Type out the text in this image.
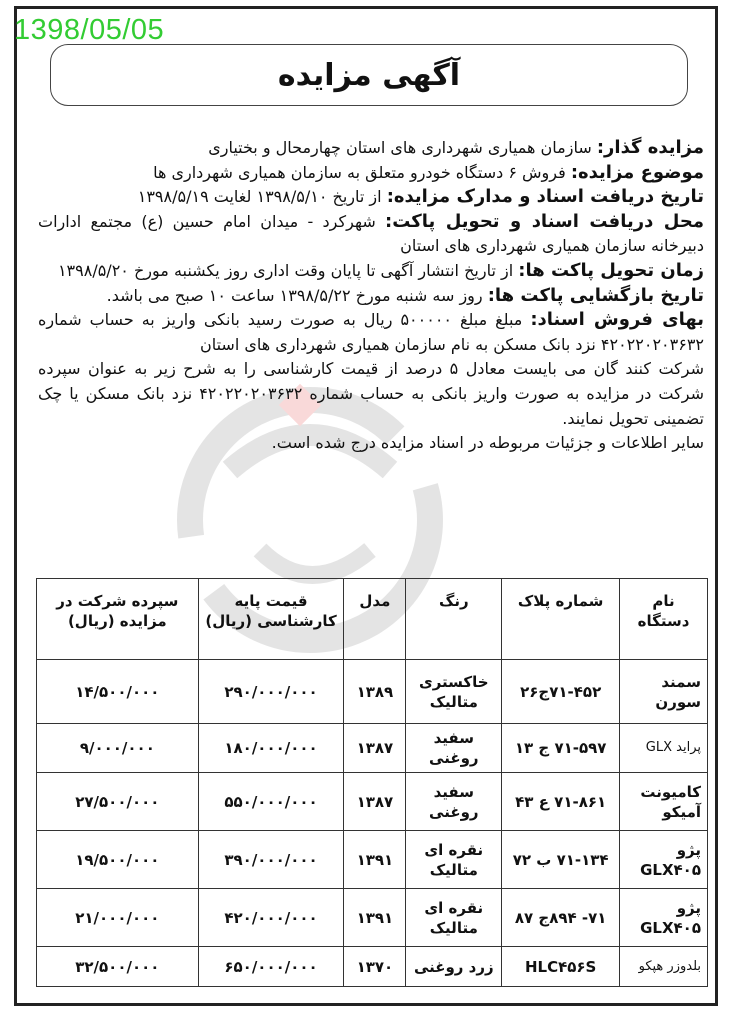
1398/05/05
آگهی مزایده

مزایده گذار: سازمان همیاری شهرداری های استان چهارمحال و بختیاری

موضوع مزایده: فروش ۶ دستگاه خودرو متعلق به سازمان همیاری شهرداری ها

تاریخ دریافت اسناد و مدارک مزایده: از تاریخ ۱۳۹۸/۵/۱۰ لغایت ۱۳۹۸/۵/۱۹

محل دریافت اسناد و تحویل پاکت: شهرکرد - میدان امام حسین (ع) مجتمع ادارات دبیرخانه سازمان همیاری شهرداری های استان

زمان تحویل پاکت ها: از تاریخ انتشار آگهی تا پایان وقت اداری روز یکشنبه مورخ ۱۳۹۸/۵/۲۰

تاریخ بازگشایی پاکت ها: روز سه شنبه مورخ ۱۳۹۸/۵/۲۲ ساعت ۱۰ صبح می باشد.

بهای فروش اسناد: مبلغ مبلغ ۵۰۰۰۰۰ ریال به صورت رسید بانکی واریز به حساب شماره ۴۲۰۲۲۰۲۰۳۶۳۲ نزد بانک مسکن به نام سازمان همیاری شهرداری های استان

شرکت کنند گان می بایست معادل ۵ درصد از قیمت کارشناسی را به شرح زیر به عنوان سپرده شرکت در مزایده به صورت واریز بانکی به حساب شماره ۴۲۰۲۲۰۲۰۳۶۳۲ نزد بانک مسکن یا چک تضمینی تحویل نمایند.

سایر اطلاعات و جزئیات مربوطه در اسناد مزایده درج شده است.

نام دستگاه	شماره پلاک	رنگ	مدل	قیمت پایه کارشناسی (ریال)	سپرده شرکت در مزایده (ریال)
سمند سورن	۷۱-۴۵۲ج۲۶	خاکستری متالیک	۱۳۸۹	۲۹۰/۰۰۰/۰۰۰	۱۴/۵۰۰/۰۰۰
پراید GLX	۷۱-۵۹۷ ج ۱۳	سفید روغنی	۱۳۸۷	۱۸۰/۰۰۰/۰۰۰	۹/۰۰۰/۰۰۰
کامیونت آمیکو	۷۱-۸۶۱ ع ۴۳	سفید روغنی	۱۳۸۷	۵۵۰/۰۰۰/۰۰۰	۲۷/۵۰۰/۰۰۰
پژو GLX۴۰۵	۷۱-۱۳۴ ب ۷۲	نقره ای متالیک	۱۳۹۱	۳۹۰/۰۰۰/۰۰۰	۱۹/۵۰۰/۰۰۰
پژو GLX۴۰۵	۷۱- ۸۹۴ج ۸۷	نقره ای متالیک	۱۳۹۱	۴۲۰/۰۰۰/۰۰۰	۲۱/۰۰۰/۰۰۰
بلدوزر هپکو	HLC۴۵۶S	زرد روغنی	۱۳۷۰	۶۵۰/۰۰۰/۰۰۰	۳۲/۵۰۰/۰۰۰
